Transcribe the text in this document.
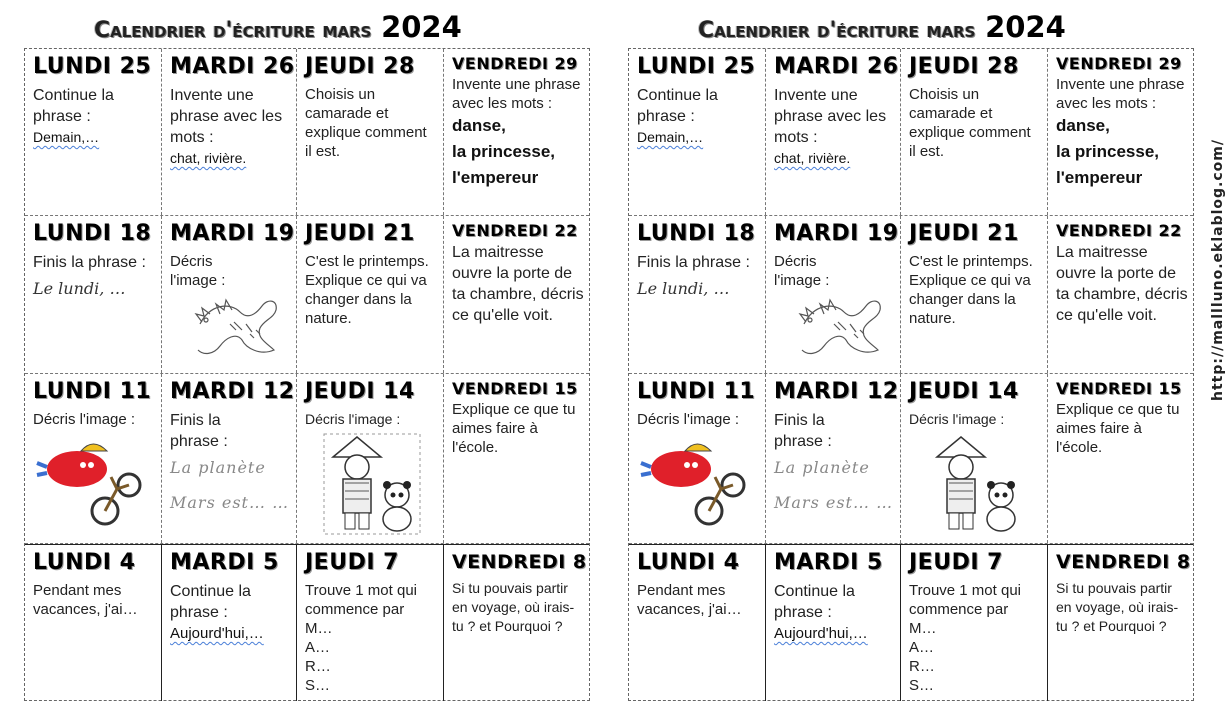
Calendrier d'écriture mars 2024
LUNDI 25
Continue la phrase :
Demain,…
MARDI 26
Invente une phrase avec les mots :
chat, rivière.
JEUDI 28
Choisis un camarade et explique comment il est.
VENDREDI 29
Invente une phrase avec les mots :
danse,
la princesse,
l'empereur
LUNDI 18
Finis la phrase :
Le lundi, …
MARDI 19
Décris l'image :
JEUDI 21
C'est le printemps. Explique ce qui va changer dans la nature.
VENDREDI 22
La maitresse ouvre la porte de ta chambre, décris ce qu'elle voit.
LUNDI 11
Décris l'image :
MARDI 12
Finis la phrase :
La planète
Mars est… …
JEUDI 14
Décris l'image :
VENDREDI 15
Explique ce que tu aimes faire à l'école.
LUNDI 4
Pendant mes vacances, j'ai…
MARDI 5
Continue la phrase :
Aujourd'hui,…
JEUDI 7
Trouve 1 mot qui commence par
M…
A…
R…
S…
VENDREDI 8
Si tu pouvais partir en voyage, où irais-tu ? et Pourquoi ?
Calendrier d'écriture mars 2024
LUNDI 25
Continue la phrase :
Demain,…
MARDI 26
Invente une phrase avec les mots :
chat, rivière.
JEUDI 28
Choisis un camarade et explique comment il est.
VENDREDI 29
Invente une phrase avec les mots :
danse,
la princesse,
l'empereur
LUNDI 18
Finis la phrase :
Le lundi, …
MARDI 19
Décris l'image :
JEUDI 21
C'est le printemps. Explique ce qui va changer dans la nature.
VENDREDI 22
La maitresse ouvre la porte de ta chambre, décris ce qu'elle voit.
LUNDI 11
Décris l'image :
MARDI 12
Finis la phrase :
La planète
Mars est… …
JEUDI 14
Décris l'image :
VENDREDI 15
Explique ce que tu aimes faire à l'école.
LUNDI 4
Pendant mes vacances, j'ai…
MARDI 5
Continue la phrase :
Aujourd'hui,…
JEUDI 7
Trouve 1 mot qui commence par
M…
A…
R…
S…
VENDREDI 8
Si tu pouvais partir en voyage, où irais-tu ? et Pourquoi ?
http://mallluno.eklablog.com/
